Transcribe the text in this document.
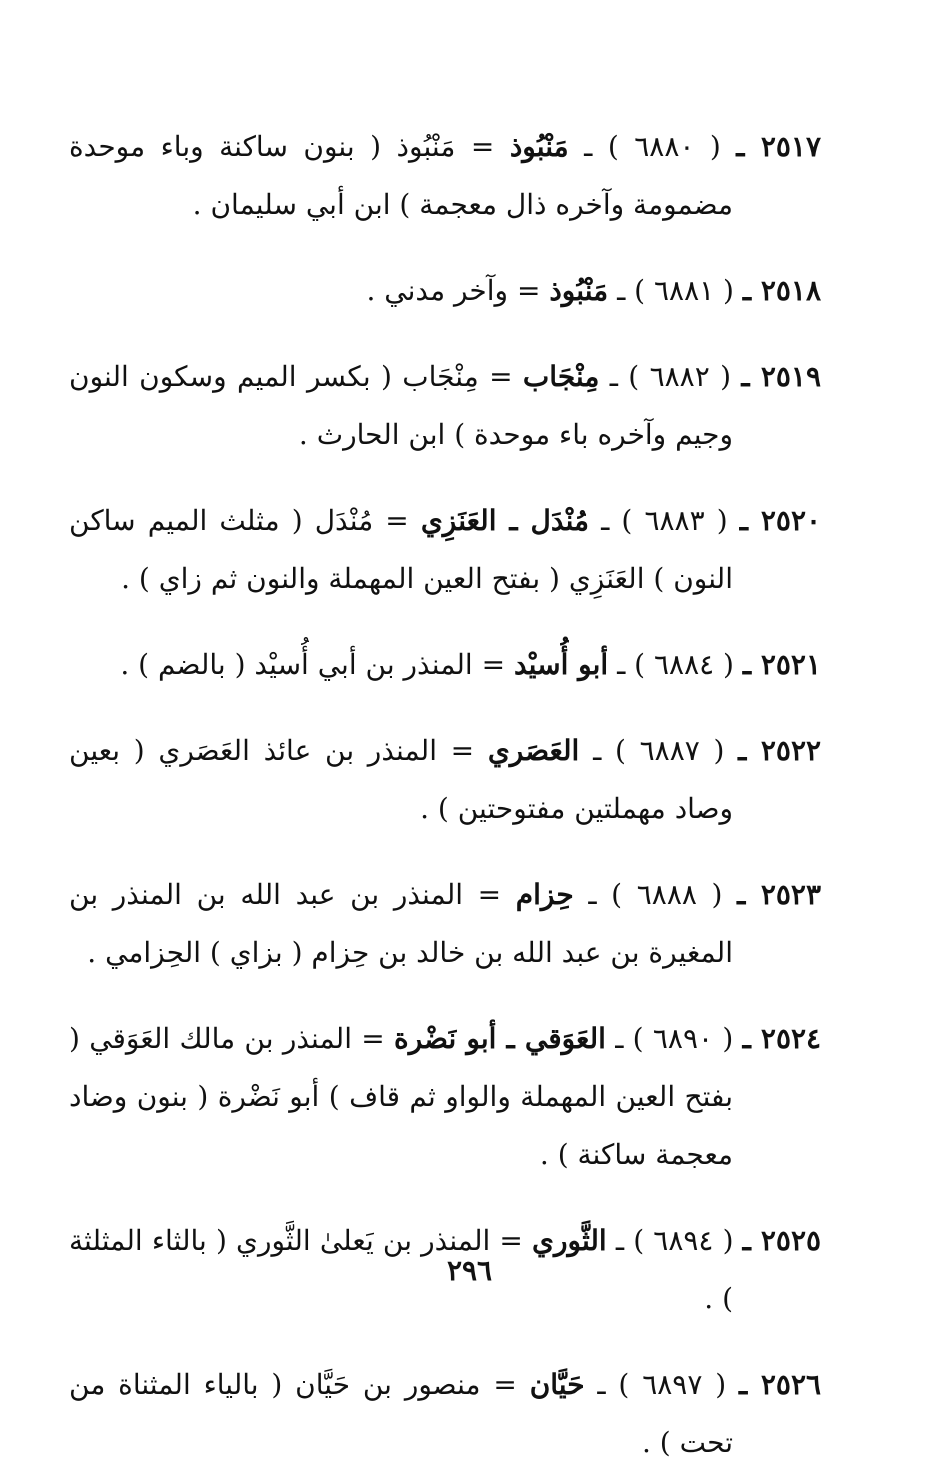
٢٥١٧ ـ ( ٦٨٨٠ ) ـ مَنْبُوذ = مَنْبُوذ ( بنون ساكنة وباء موحدة مضمومة وآخره ذال معجمة ) ابن أبي سليمان .

٢٥١٨ ـ ( ٦٨٨١ ) ـ مَنْبُوذ = وآخر مدني .

٢٥١٩ ـ ( ٦٨٨٢ ) ـ مِنْجَاب = مِنْجَاب ( بكسر الميم وسكون النون وجيم وآخره باء موحدة ) ابن الحارث .

٢٥٢٠ ـ ( ٦٨٨٣ ) ـ مُنْدَل ـ العَنَزِي = مُنْدَل ( مثلث الميم ساكن النون ) العَنَزِي ( بفتح العين المهملة والنون ثم زاي ) .

٢٥٢١ ـ ( ٦٨٨٤ ) ـ أبو أُسيْد = المنذر بن أبي أُسيْد ( بالضم ) .

٢٥٢٢ ـ ( ٦٨٨٧ ) ـ العَصَري = المنذر بن عائذ العَصَري ( بعين وصاد مهملتين مفتوحتين ) .

٢٥٢٣ ـ ( ٦٨٨٨ ) ـ حِزام = المنذر بن عبد الله بن المنذر بن المغيرة بن عبد الله بن خالد بن حِزام ( بزاي ) الحِزامي .

٢٥٢٤ ـ ( ٦٨٩٠ ) ـ العَوَقي ـ أبو نَضْرة = المنذر بن مالك العَوَقي ( بفتح العين المهملة والواو ثم قاف ) أبو نَضْرة ( بنون وضاد معجمة ساكنة ) .

٢٥٢٥ ـ ( ٦٨٩٤ ) ـ الثَّوري = المنذر بن يَعلىٰ الثَّوري ( بالثاء المثلثة ) .

٢٥٢٦ ـ ( ٦٨٩٧ ) ـ حَيَّان = منصور بن حَيَّان ( بالياء المثناة من تحت ) .

٢٩٦
